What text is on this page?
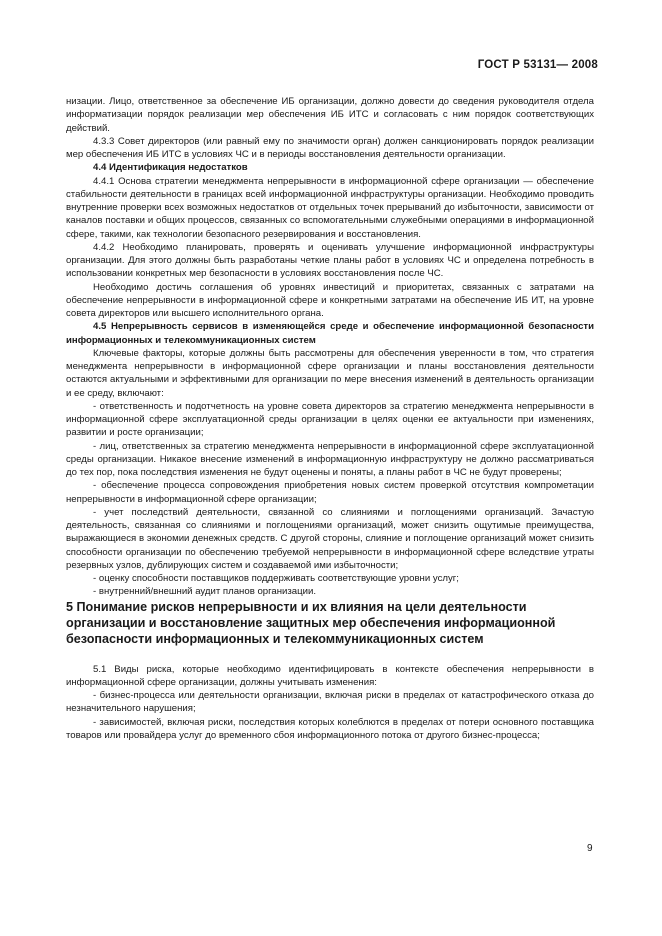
ГОСТ Р 53131— 2008

низации. Лицо, ответственное за обеспечение ИБ организации, должно довести до сведения руководителя отдела информатизации порядок реализации мер обеспечения ИБ ИТС и согласовать с ним порядок соответствующих действий.

4.3.3 Совет директоров (или равный ему по значимости орган) должен санкционировать порядок реализации мер обеспечения ИБ ИТС в условиях ЧС и в периоды восстановления деятельности организации.

4.4 Идентификация недостатков

4.4.1 Основа стратегии менеджмента непрерывности в информационной сфере организации — обеспечение стабильности деятельности в границах всей информационной инфраструктуры организации. Необходимо проводить внутренние проверки всех возможных недостатков от отдельных точек прерываний до избыточности, зависимости от каналов поставки и общих процессов, связанных со вспомогательными служебными операциями в информационной сфере, такими, как технологии безопасного резервирования и восстановления.

4.4.2 Необходимо планировать, проверять и оценивать улучшение информационной инфраструктуры организации. Для этого должны быть разработаны четкие планы работ в условиях ЧС и определена потребность в использовании конкретных мер безопасности в условиях восстановления после ЧС.

Необходимо достичь соглашения об уровнях инвестиций и приоритетах, связанных с затратами на обеспечение непрерывности в информационной сфере и конкретными затратами на обеспечение ИБ ИТ, на уровне совета директоров или высшего исполнительного органа.

4.5 Непрерывность сервисов в изменяющейся среде и обеспечение информационной безопасности информационных и телекоммуникационных систем

Ключевые факторы, которые должны быть рассмотрены для обеспечения уверенности в том, что стратегия менеджмента непрерывности в информационной сфере организации и планы восстановления деятельности остаются актуальными и эффективными для организации по мере внесения изменений в деятельность организации и ее среду, включают:

- ответственность и подотчетность на уровне совета директоров за стратегию менеджмента непрерывности в информационной сфере эксплуатационной среды организации в целях оценки ее актуальности при изменениях, развитии и росте организации;

- лиц, ответственных за стратегию менеджмента непрерывности в информационной сфере эксплуатационной среды организации. Никакое внесение изменений в информационную инфраструктуру не должно рассматриваться до тех пор, пока последствия изменения не будут оценены и поняты, а планы работ в ЧС не будут проверены;

- обеспечение процесса сопровождения приобретения новых систем проверкой отсутствия компрометации непрерывности в информационной сфере организации;

- учет последствий деятельности, связанной со слияниями и поглощениями организаций. Зачастую деятельность, связанная со слияниями и поглощениями организаций, может снизить ощутимые преимущества, выражающиеся в экономии денежных средств. С другой стороны, слияние и поглощение организаций может снизить способности организации по обеспечению требуемой непрерывности в информационной сфере вследствие утраты резервных узлов, дублирующих систем и создаваемой ими избыточности;

- оценку способности поставщиков поддерживать соответствующие уровни услуг;

- внутренний/внешний аудит планов организации.

5 Понимание рисков непрерывности и их влияния на цели деятельности организации и восстановление защитных мер обеспечения информационной безопасности информационных и телекоммуникационных систем

5.1 Виды риска, которые необходимо идентифицировать в контексте обеспечения непрерывности в информационной сфере организации, должны учитывать изменения:

- бизнес-процесса или деятельности организации, включая риски в пределах от катастрофического отказа до незначительного нарушения;

- зависимостей, включая риски, последствия которых колеблются в пределах от потери основного поставщика товаров или провайдера услуг до временного сбоя информационного потока от другого бизнес-процесса;

9
